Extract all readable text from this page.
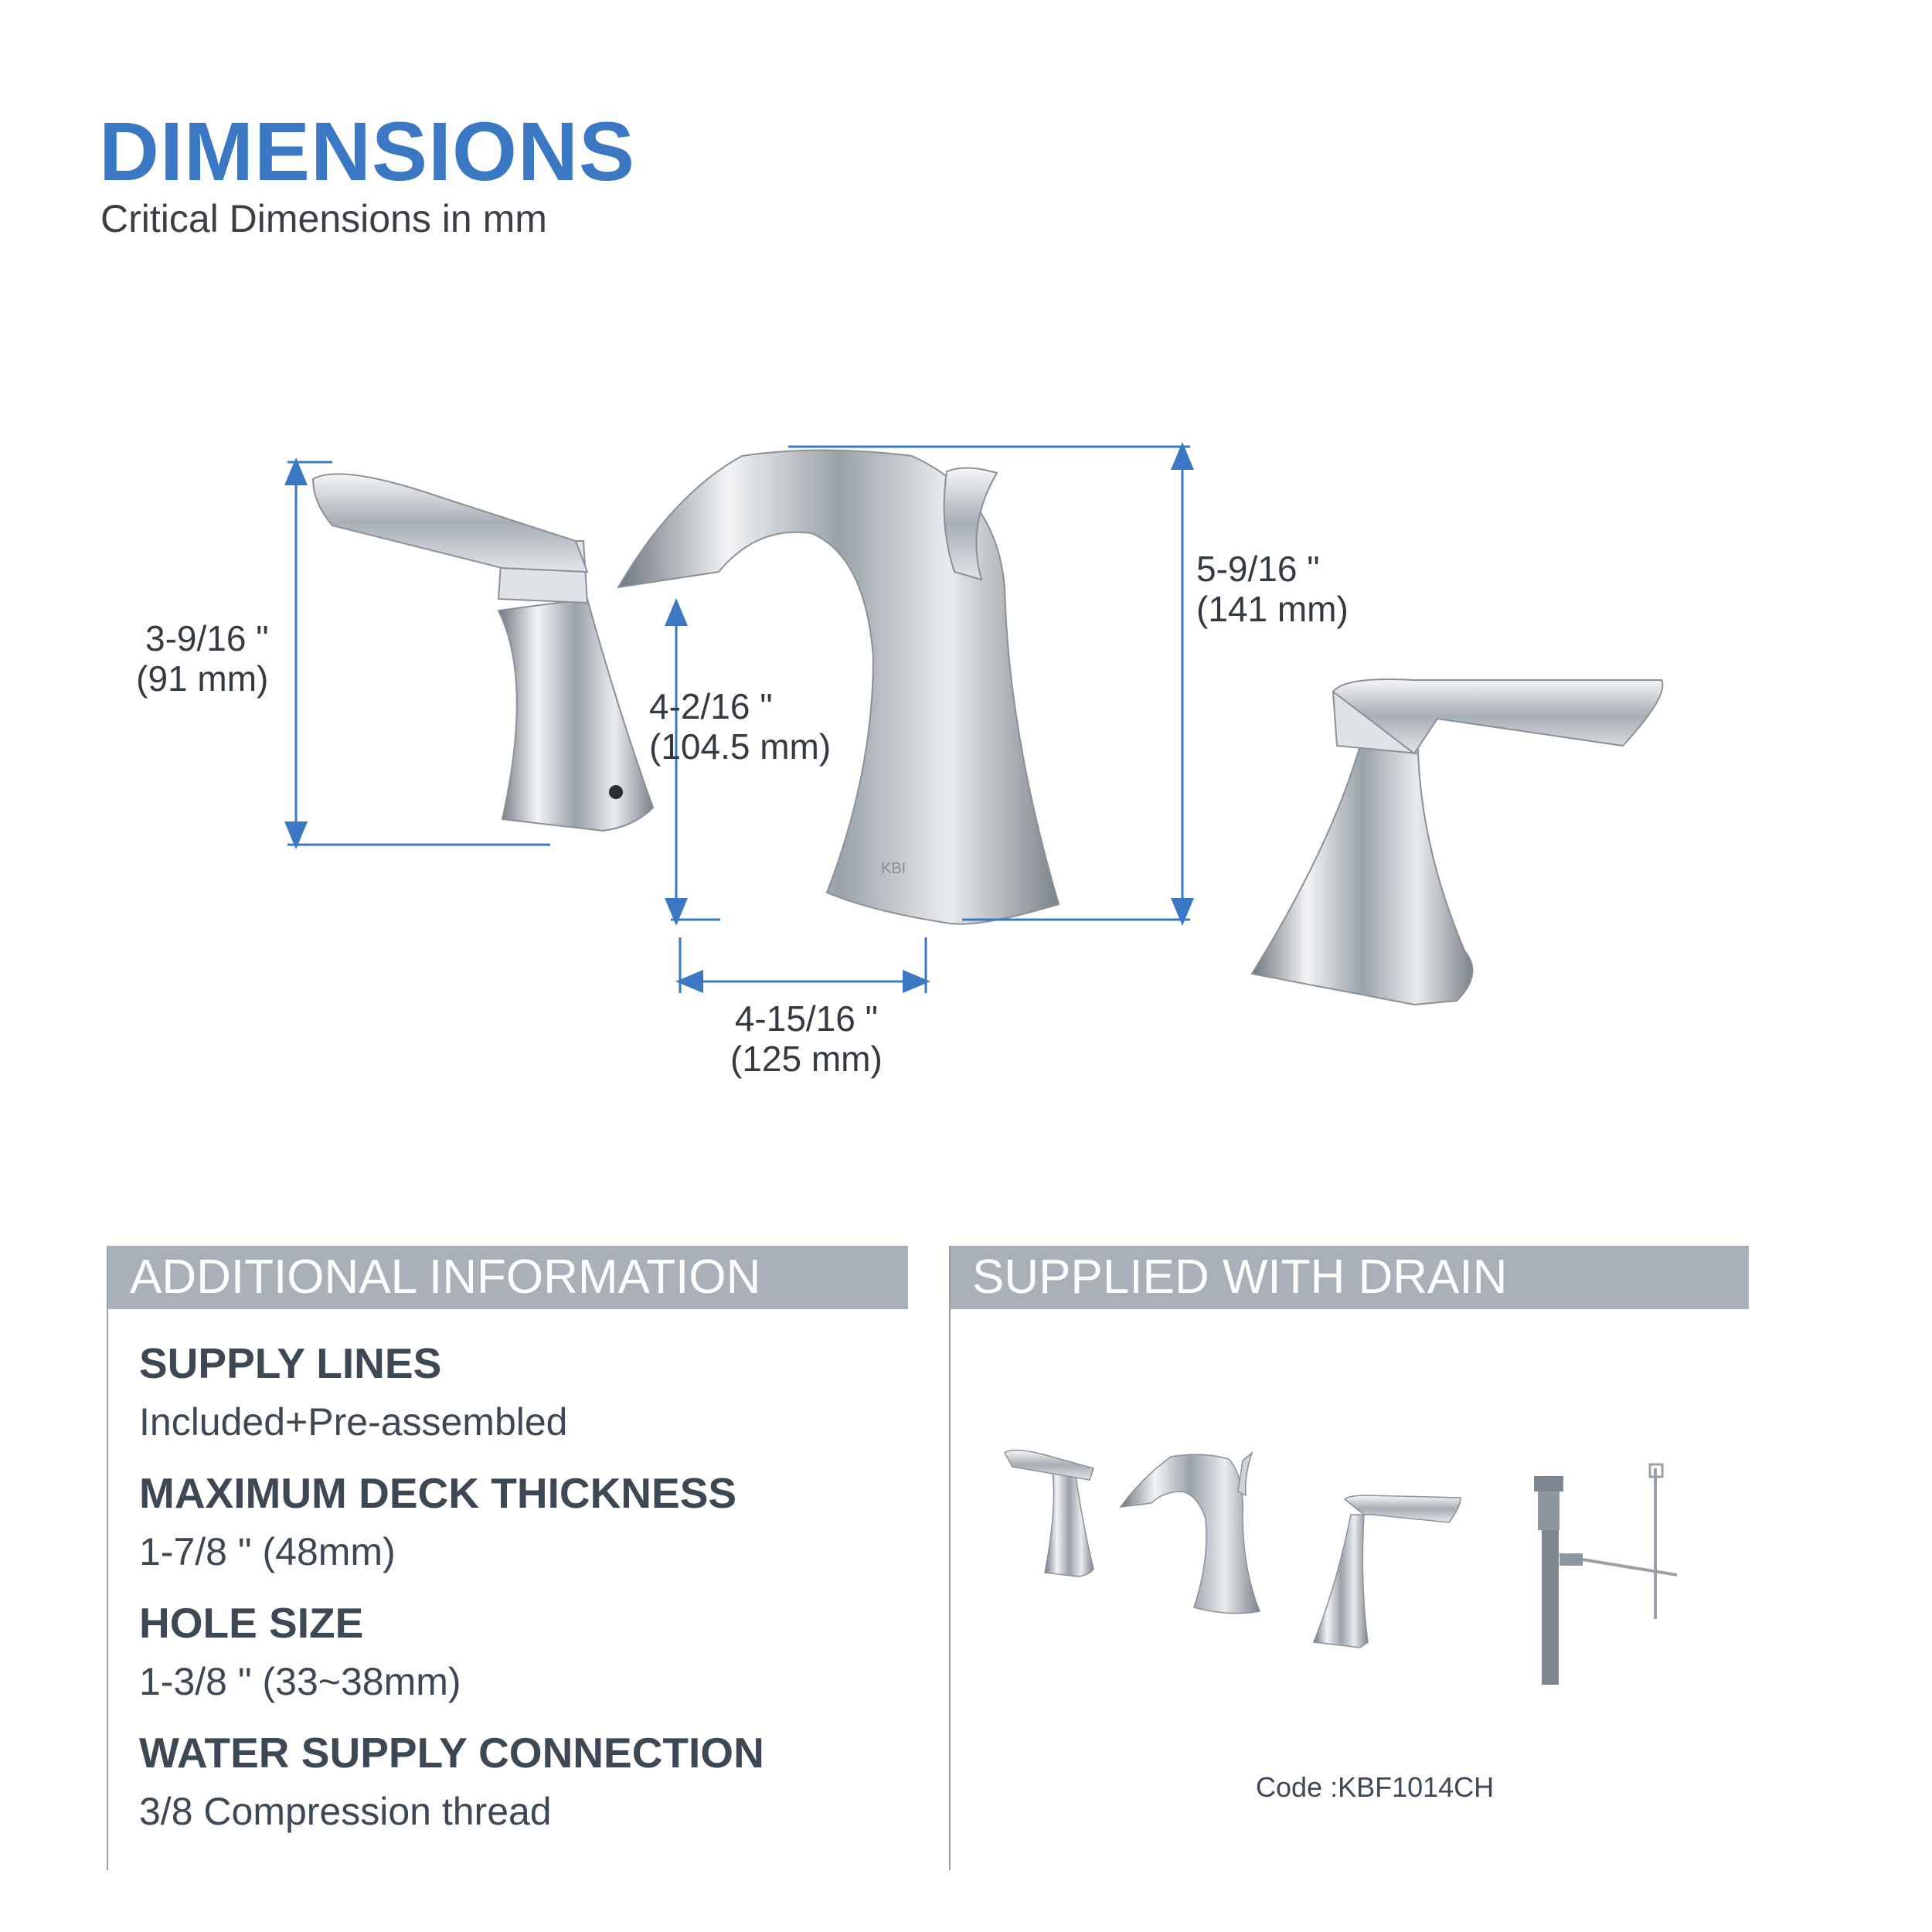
DIMENSIONS
Critical Dimensions in mm
KBI
3-9/16 "
(91 mm)
4-2/16 "
(104.5 mm)
5-9/16 "
(141 mm)
4-15/16 "
(125 mm)
ADDITIONAL INFORMATION
SUPPLY LINES
Included+Pre-assembled
MAXIMUM DECK THICKNESS
1-7/8 " (48mm)
HOLE SIZE
1-3/8 " (33~38mm)
WATER SUPPLY CONNECTION
3/8 Compression thread
SUPPLIED WITH DRAIN
Code :KBF1014CH
